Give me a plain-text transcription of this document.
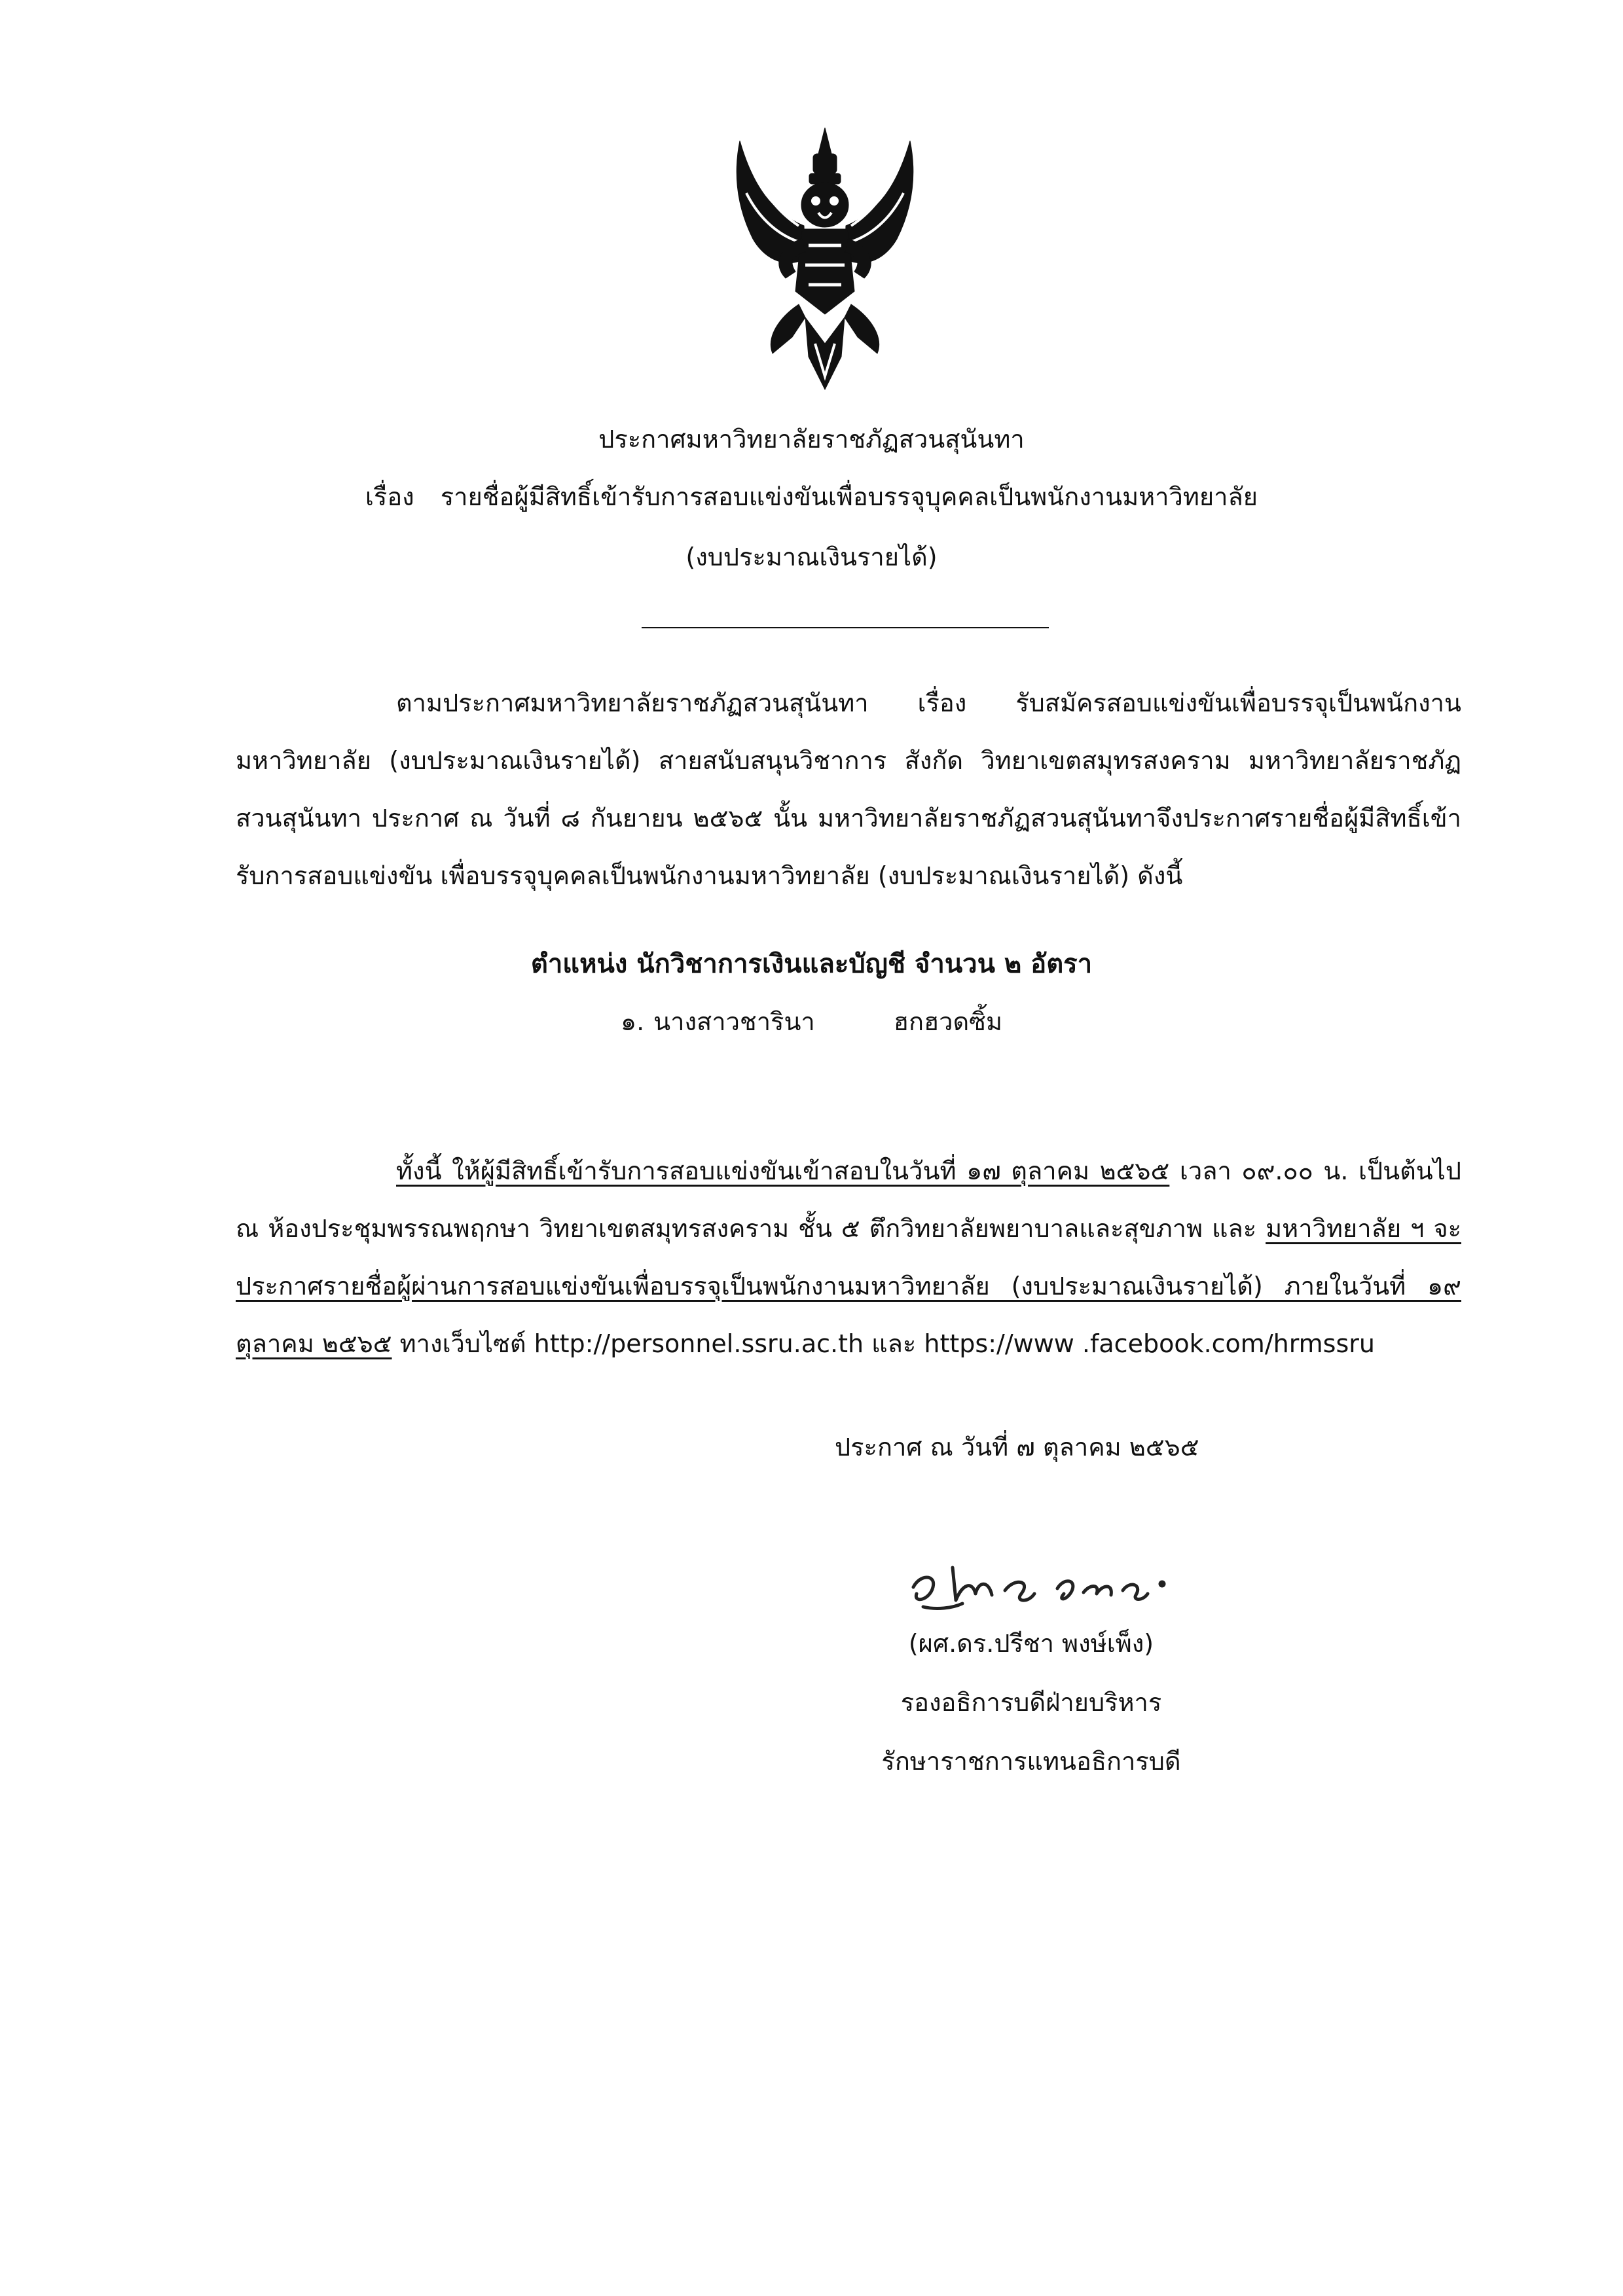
ประกาศมหาวิทยาลัยราชภัฏสวนสุนันทา
เรื่อง รายชื่อผู้มีสิทธิ์เข้ารับการสอบแข่งขันเพื่อบรรจุบุคคลเป็นพนักงานมหาวิทยาลัย
(งบประมาณเงินรายได้)
ตามประกาศมหาวิทยาลัยราชภัฏสวนสุนันทา เรื่อง รับสมัครสอบแข่งขันเพื่อบรรจุเป็นพนักงานมหาวิทยาลัย (งบประมาณเงินรายได้) สายสนับสนุนวิชาการ สังกัด วิทยาเขตสมุทรสงคราม มหาวิทยาลัยราชภัฏสวนสุนันทา ประกาศ ณ วันที่ ๘ กันยายน ๒๕๖๕ นั้น มหาวิทยาลัยราชภัฏสวนสุนันทาจึงประกาศรายชื่อผู้มีสิทธิ์เข้ารับการสอบแข่งขัน เพื่อบรรจุบุคคลเป็นพนักงานมหาวิทยาลัย (งบประมาณเงินรายได้) ดังนี้
ตำแหน่ง นักวิชาการเงินและบัญชี จำนวน ๒ อัตรา
๑. นางสาวชารินา	ฮกฮวดซิ้ม
ทั้งนี้ ให้ผู้มีสิทธิ์เข้ารับการสอบแข่งขันเข้าสอบในวันที่ ๑๗ ตุลาคม ๒๕๖๕ เวลา ๐๙.๐๐ น. เป็นต้นไป ณ ห้องประชุมพรรณพฤกษา วิทยาเขตสมุทรสงคราม ชั้น ๕ ตึกวิทยาลัยพยาบาลและสุขภาพ และ มหาวิทยาลัย ฯ จะประกาศรายชื่อผู้ผ่านการสอบแข่งขันเพื่อบรรจุเป็นพนักงานมหาวิทยาลัย (งบประมาณเงินรายได้) ภายในวันที่ ๑๙ ตุลาคม ๒๕๖๕ ทางเว็บไซต์ http://personnel.ssru.ac.th และ https://www .facebook.com/hrmssru
ประกาศ ณ วันที่ ๗ ตุลาคม ๒๕๖๕
(ผศ.ดร.ปรีชา พงษ์เพ็ง)
รองอธิการบดีฝ่ายบริหาร
รักษาราชการแทนอธิการบดี
